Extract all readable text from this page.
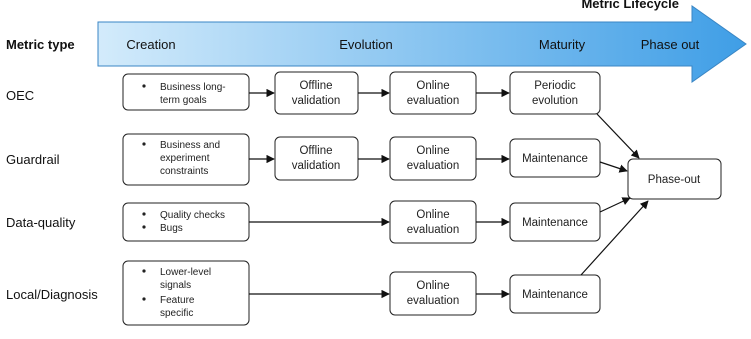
Metric Lifecycle
Creation	Evolution	Maturity	Phase out
Metric type
OEC
Guardrail
Data-quality
Local/Diagnosis
Business long-
term goals
Offline
validation
Online
evaluation
Periodic
evolution
Business and
experiment
constraints
Offline
validation
Online
evaluation
Maintenance
Quality checks
Bugs
Online
evaluation
Maintenance
Lower-level
signals
Feature
specific
Online
evaluation	Maintenance
Phase-out
